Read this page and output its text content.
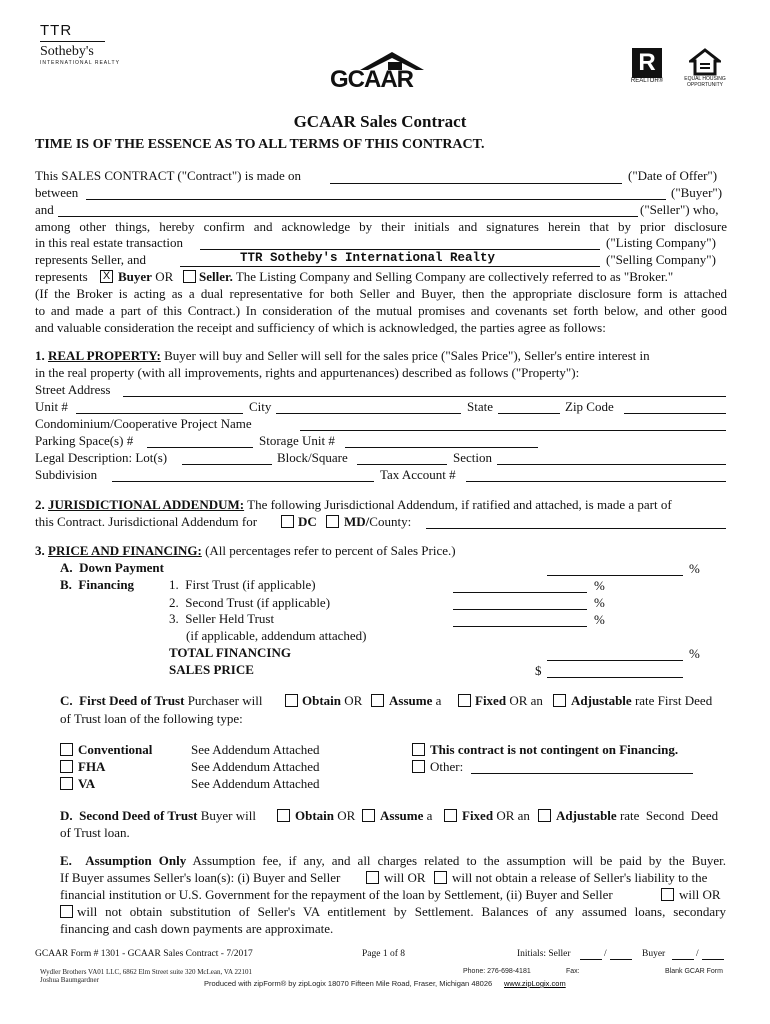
TTR
Sotheby's
INTERNATIONAL REALTY
GCAAR
R
REALTOR®	EQUAL HOUSING OPPORTUNITY
GCAAR Sales Contract
TIME IS OF THE ESSENCE AS TO ALL TERMS OF THIS CONTRACT.
This SALES CONTRACT ("Contract") is made on	("Date of Offer")
between	("Buyer")
and	("Seller") who,
among other things, hereby confirm and acknowledge by their initials and signatures herein that by prior disclosure
in this real estate transaction	("Listing Company")
represents Seller, and	TTR Sotheby's International Realty	("Selling Company")
represents X Buyer OR Seller. The Listing Company and Selling Company are collectively referred to as "Broker."
(If the Broker is acting as a dual representative for both Seller and Buyer, then the appropriate disclosure form is attached
to and made a part of this Contract.) In consideration of the mutual promises and covenants set forth below, and other good
and valuable consideration the receipt and sufficiency of which is acknowledged, the parties agree as follows:
1. REAL PROPERTY: Buyer will buy and Seller will sell for the sales price ("Sales Price"), Seller's entire interest in
in the real property (with all improvements, rights and appurtenances) described as follows ("Property"):
Street Address
Unit #	City	State	Zip Code
Condominium/Cooperative Project Name
Parking Space(s) #	Storage Unit #
Legal Description: Lot(s)	Block/Square	Section
Subdivision	Tax Account #
2. JURISDICTIONAL ADDENDUM: The following Jurisdictional Addendum, if ratified and attached, is made a part of
this Contract. Jurisdictional Addendum for	DC MD/County:
3. PRICE AND FINANCING: (All percentages refer to percent of Sales Price.)
A.  Down Payment	%
B.  Financing	1.  First Trust (if applicable)	%
2.  Second Trust (if applicable)	%
3.  Seller Held Trust	%
(if applicable, addendum attached)
TOTAL FINANCING	%
SALES PRICE	$
C.  First Deed of Trust Purchaser will	Obtain OR Assume a	Fixed OR an Adjustable rate First Deed
of Trust loan of the following type:
Conventional	See Addendum Attached
FHA	See Addendum Attached
VA	See Addendum Attached
This contract is not contingent on Financing.
Other:
D.  Second Deed of Trust Buyer will	Obtain OR Assume a Fixed OR an Adjustable rate  Second  Deed
of Trust loan.
E.  Assumption Only Assumption fee, if any, and all charges related to the assumption will be paid by the Buyer.
If Buyer assumes Seller's loan(s): (i) Buyer and Seller	will OR will not obtain a release of Seller's liability to the
financial institution or U.S. Government for the repayment of the loan by Settlement, (ii) Buyer and Seller	will OR
will not obtain substitution of Seller's VA entitlement by Settlement. Balances of any assumed loans, secondary
financing and cash down payments are approximate.
GCAAR Form # 1301 - GCAAR Sales Contract - 7/2017	Page 1 of 8	Initials: Seller	/	Buyer	/
Wydler Brothers VA01 LLC, 6862 Elm Street suite 320 McLean, VA 22101
Joshua Baumgardner
Phone: 276-698-4181	Fax:	Blank GCAR Form
Produced with zipForm® by zipLogix 18070 Fifteen Mile Road, Fraser, Michigan 48026 www.zipLogix.com
